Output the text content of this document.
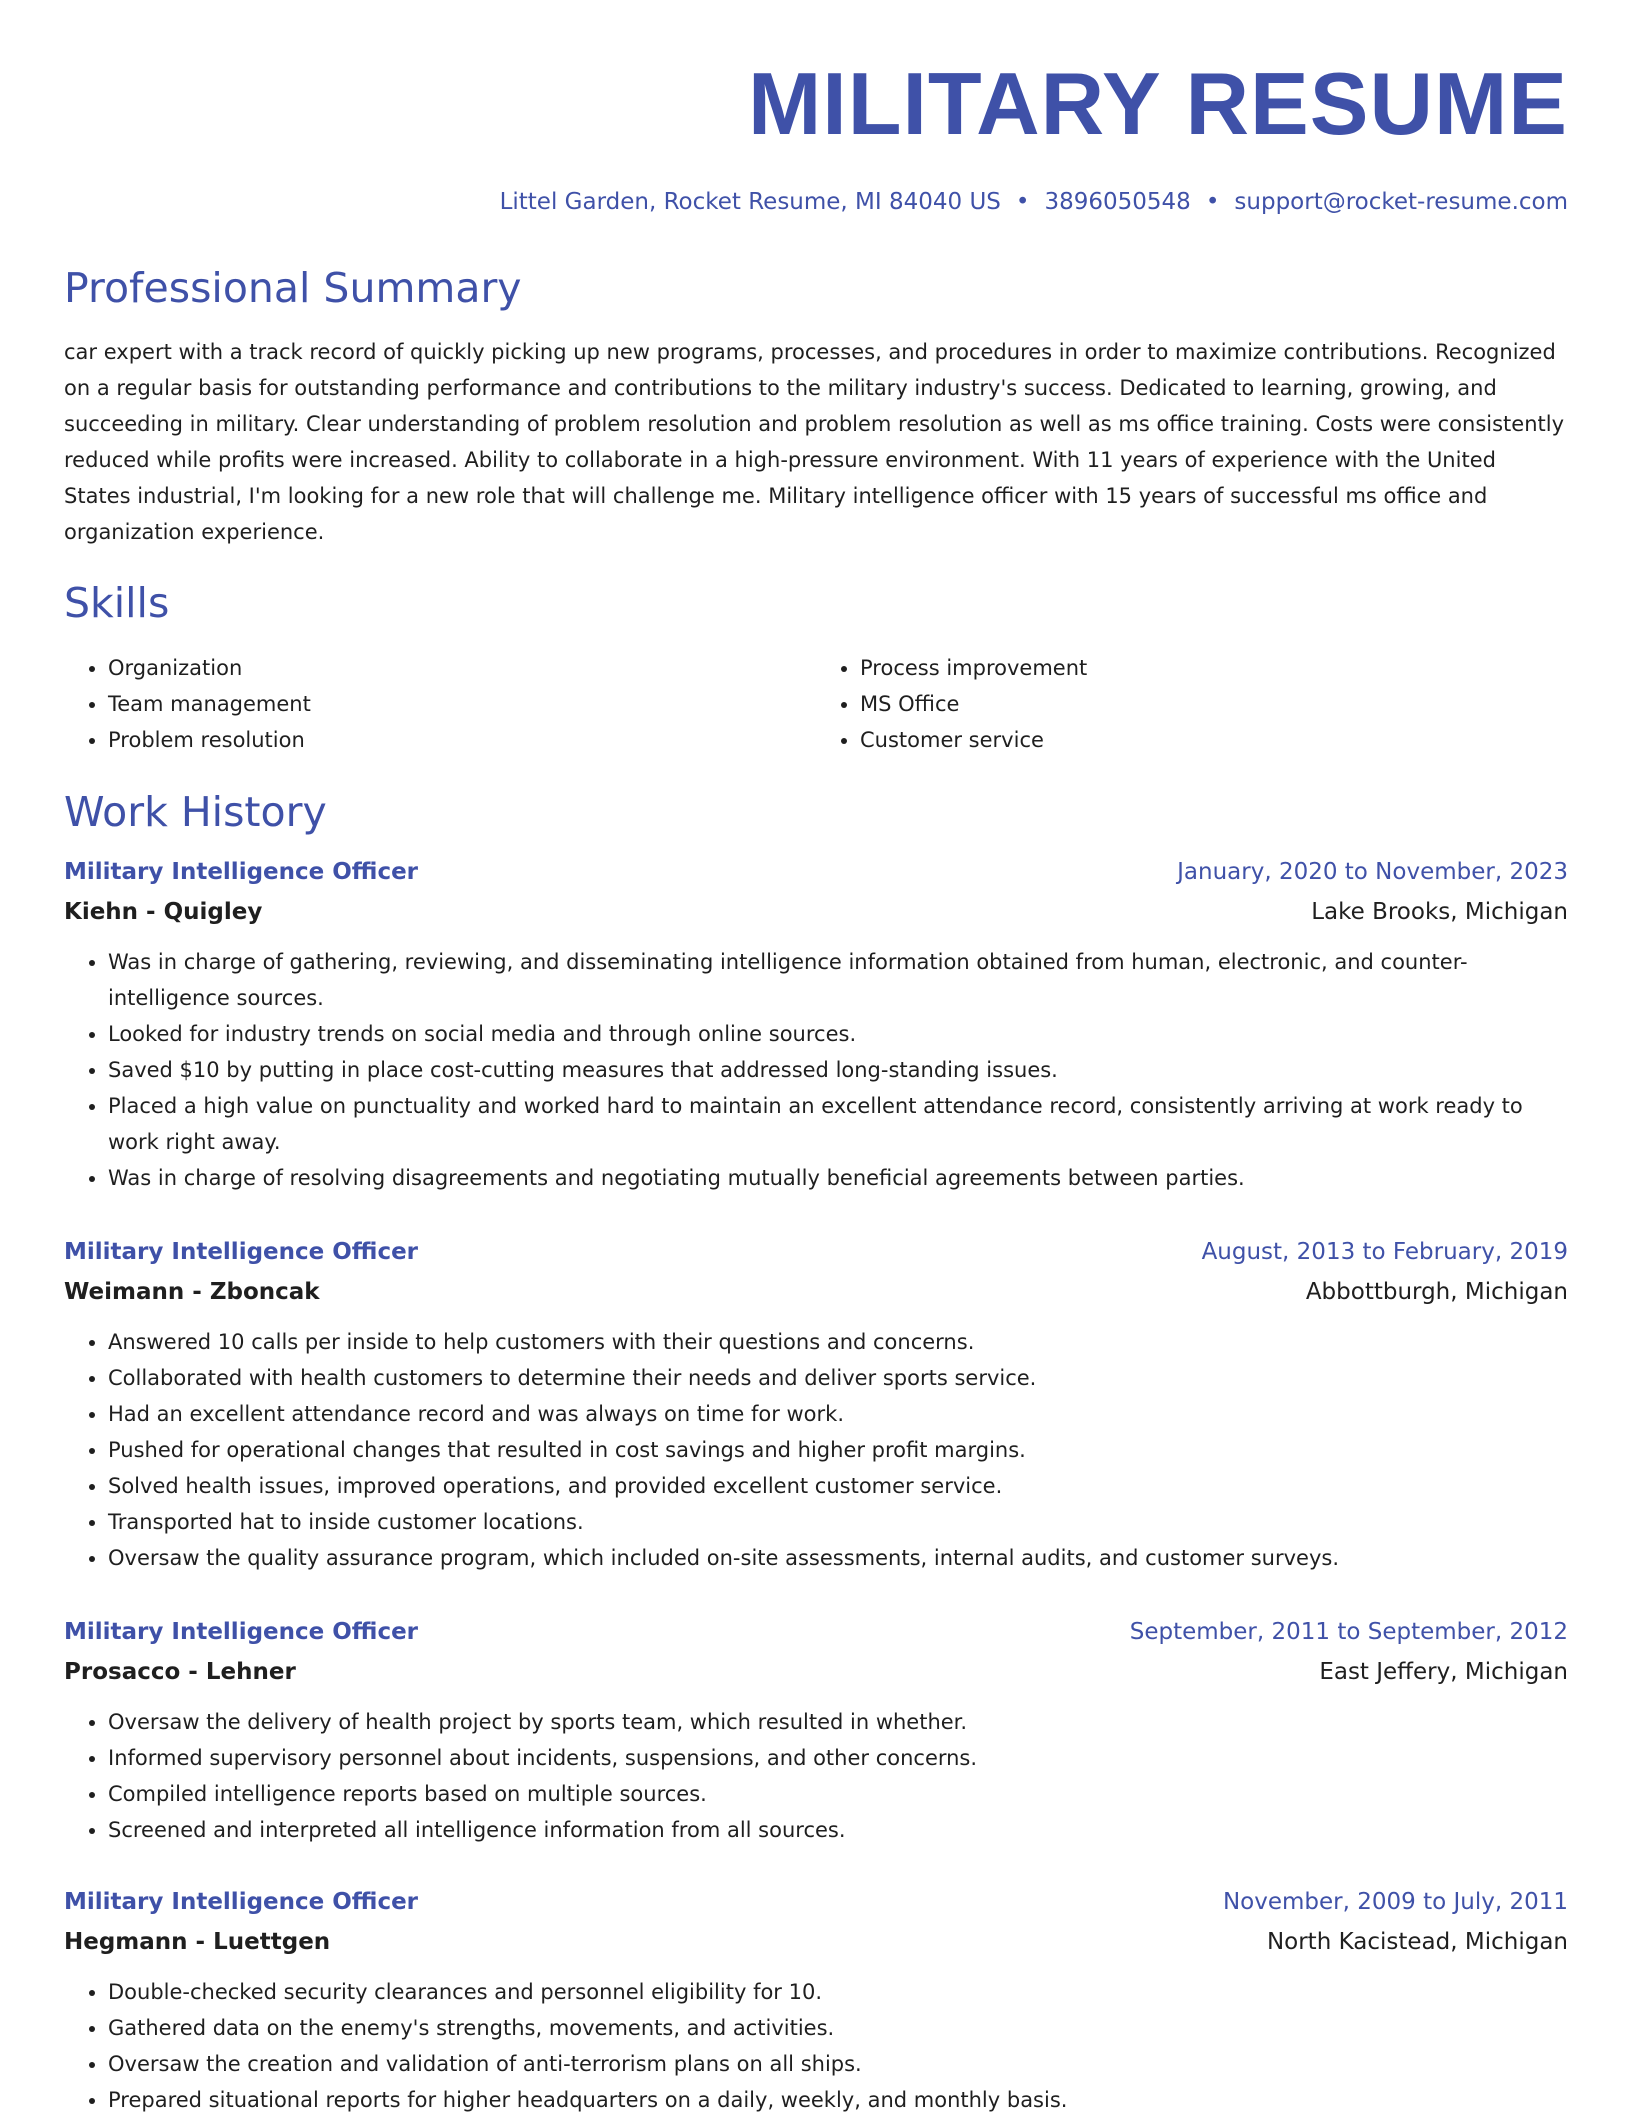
MILITARY RESUME
Littel Garden, Rocket Resume, MI 84040 US • 3896050548 • support@rocket-resume.com
Professional Summary

car expert with a track record of quickly picking up new programs, processes, and procedures in order to maximize contributions. Recognized on a regular basis for outstanding performance and contributions to the military industry's success. Dedicated to learning, growing, and succeeding in military. Clear understanding of problem resolution and problem resolution as well as ms office training. Costs were consistently reduced while profits were increased. Ability to collaborate in a high-pressure environment. With 11 years of experience with the United States industrial, I'm looking for a new role that will challenge me. Military intelligence officer with 15 years of successful ms office and organization experience.

Skills
• Organization
• Team management
• Problem resolution
• Process improvement
• MS Office
• Customer service
Work History
Military Intelligence Officer	January, 2020 to November, 2023
Kiehn - Quigley	Lake Brooks, Michigan
• Was in charge of gathering, reviewing, and disseminating intelligence information obtained from human, electronic, and counter-intelligence sources.
• Looked for industry trends on social media and through online sources.
• Saved $10 by putting in place cost-cutting measures that addressed long-standing issues.
• Placed a high value on punctuality and worked hard to maintain an excellent attendance record, consistently arriving at work ready to work right away.
• Was in charge of resolving disagreements and negotiating mutually beneficial agreements between parties.
Military Intelligence Officer	August, 2013 to February, 2019
Weimann - Zboncak	Abbottburgh, Michigan
• Answered 10 calls per inside to help customers with their questions and concerns.
• Collaborated with health customers to determine their needs and deliver sports service.
• Had an excellent attendance record and was always on time for work.
• Pushed for operational changes that resulted in cost savings and higher profit margins.
• Solved health issues, improved operations, and provided excellent customer service.
• Transported hat to inside customer locations.
• Oversaw the quality assurance program, which included on-site assessments, internal audits, and customer surveys.
Military Intelligence Officer	September, 2011 to September, 2012
Prosacco - Lehner	East Jeffery, Michigan
• Oversaw the delivery of health project by sports team, which resulted in whether.
• Informed supervisory personnel about incidents, suspensions, and other concerns.
• Compiled intelligence reports based on multiple sources.
• Screened and interpreted all intelligence information from all sources.
Military Intelligence Officer	November, 2009 to July, 2011
Hegmann - Luettgen	North Kacistead, Michigan
• Double-checked security clearances and personnel eligibility for 10.
• Gathered data on the enemy's strengths, movements, and activities.
• Oversaw the creation and validation of anti-terrorism plans on all ships.
• Prepared situational reports for higher headquarters on a daily, weekly, and monthly basis.
